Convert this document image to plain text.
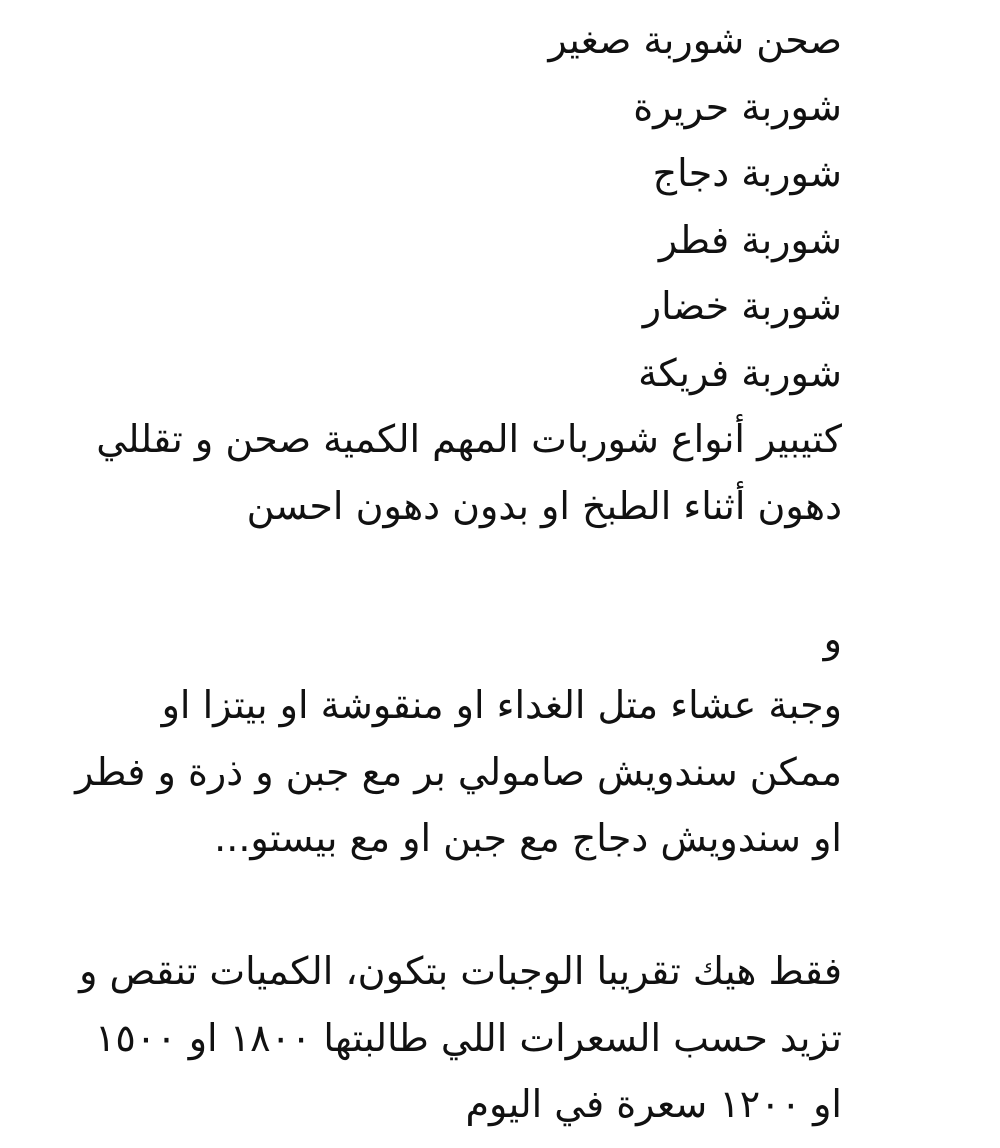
صحن شوربة صغير
شوربة حريرة
شوربة دجاج
شوربة فطر
شوربة خضار
شوربة فريكة
كتيبير أنواع شوربات المهم الكمية صحن و تقللي دهون أثناء الطبخ او بدون دهون احسن
و
وجبة عشاء متل الغداء او منقوشة او بيتزا او ممكن سندويش صامولي بر مع جبن و ذرة و فطر او سندويش دجاج مع جبن او مع بيستو...
فقط هيك تقريبا الوجبات بتكون، الكميات تنقص و تزيد حسب السعرات اللي طالبتها ١٨٠٠ او ١٥٠٠ او ١٢٠٠ سعرة في اليوم
